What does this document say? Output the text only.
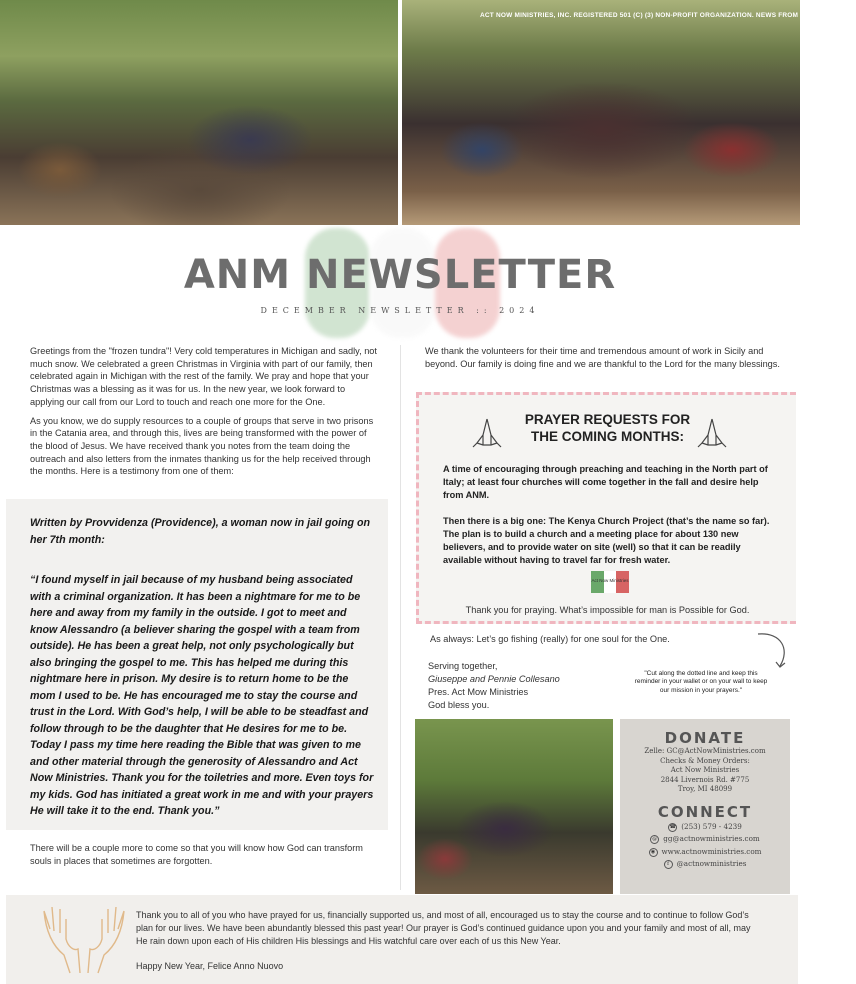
ACT NOW MINISTRIES, INC. REGISTERED 501 (C) (3) NON-PROFIT ORGANIZATION. NEWS FROM DECEMBER 2024
ANM NEWSLETTER
DECEMBER NEWSLETTER :: 2024

Greetings from the "frozen tundra"! Very cold temperatures in Michigan and sadly, not much snow. We celebrated a green Christmas in Virginia with part of our family, then celebrated again in Michigan with the rest of the family. We pray and hope that your Christmas was a blessing as it was for us. In the new year, we look forward to applying our call from our Lord to touch and reach one more for the One.

As you know, we do supply resources to a couple of groups that serve in two prisons in the Catania area, and through this, lives are being transformed with the power of the blood of Jesus. We have received thank you notes from the team doing the outreach and also letters from the inmates thanking us for the help received through the months. Here is a testimony from one of them:

Written by Provvidenza (Providence), a woman now in jail going on her 7th month:
“I found myself in jail because of my husband being associated with a criminal organization. It has been a nightmare for me to be here and away from my family in the outside. I got to meet and know Alessandro (a believer sharing the gospel with a team from outside). He has been a great help, not only psychologically but also bringing the gospel to me. This has helped me during this nightmare here in prison. My desire is to return home to be the mom I used to be. He has encouraged me to stay the course and trust in the Lord. With God’s help, I will be able to be steadfast and follow through to be the daughter that He desires for me to be. Today I pass my time here reading the Bible that was given to me and other material through the generosity of Alessandro and Act Now Ministries. Thank you for the toiletries and more. Even toys for my kids. God has initiated a great work in me and with your prayers He will take it to the end. Thank you.”
There will be a couple more to come so that you will know how God can transform souls in places that sometimes are forgotten.
We thank the volunteers for their time and tremendous amount of work in Sicily and beyond. Our family is doing fine and we are thankful to the Lord for the many blessings.
PRAYER REQUESTS FOR
THE COMING MONTHS:
A time of encouraging through preaching and teaching in the North part of Italy; at least four churches will come together in the fall and desire help from ANM.
Then there is a big one: The Kenya Church Project (that’s the name so far). The plan is to build a church and a meeting place for about 130 new believers, and to provide water on site (well) so that it can be readily available without having to travel far for fresh water.
Act Now Ministries
Thank you for praying. What’s impossible for man is Possible for God.
As always: Let’s go fishing (really) for one soul for the One.
Serving together,
Giuseppe and Pennie Collesano
Pres. Act Mow Ministries
God bless you.
"Cut along the dotted line and keep this reminder in your wallet or on your wall to keep our mission in your prayers."
DONATE
Zelle: GC@ActNowMinistries.com
Checks & Money Orders:
Act Now Ministries
2844 Livernois Rd. #775
Troy, MI 48099
CONNECT
☎ (253) 579 - 4239
@ gg@actnowministries.com
◉ www.actnowministries.com
f	@actnowministries
Thank you to all of you who have prayed for us, financially supported us, and most of all, encouraged us to stay the course and to continue to follow God’s plan for our lives. We have been abundantly blessed this past year! Our prayer is God’s continued guidance upon you and your family and most of all, may He rain down upon each of His children His blessings and His watchful care over each of us this New Year.
Happy New Year, Felice Anno Nuovo
